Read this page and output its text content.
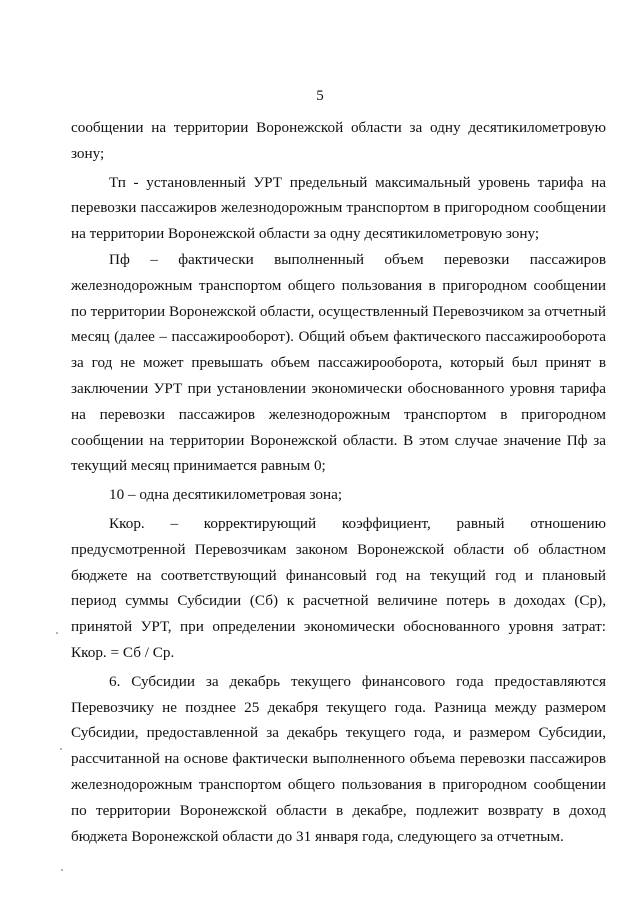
5

сообщении на территории Воронежской области за одну десятикилометровую зону;

Тп - установленный УРТ предельный максимальный уровень тарифа на перевозки пассажиров железнодорожным транспортом в пригородном сообщении на территории Воронежской области за одну десятикилометровую зону;

Пф – фактически выполненный объем перевозки пассажиров железнодорожным транспортом общего пользования в пригородном сообщении по территории Воронежской области, осуществленный Перевозчиком за отчетный месяц (далее – пассажирооборот). Общий объем фактического пассажирооборота за год не может превышать объем пассажирооборота, который был принят в заключении УРТ при установлении экономически обоснованного уровня тарифа на перевозки пассажиров железнодорожным транспортом в пригородном сообщении на территории Воронежской области. В этом случае значение Пф за текущий месяц принимается равным 0;

10 – одна десятикилометровая зона;

Ккор. – корректирующий коэффициент, равный отношению предусмотренной Перевозчикам законом Воронежской области об областном бюджете на соответствующий финансовый год на текущий год и плановый период суммы Субсидии (Сб) к расчетной величине потерь в доходах (Ср), принятой УРТ, при определении экономически обоснованного уровня затрат: Ккор. = Сб / Ср.

6. Субсидии за декабрь текущего финансового года предоставляются Перевозчику не позднее 25 декабря текущего года. Разница между размером Субсидии, предоставленной за декабрь текущего года, и размером Субсидии, рассчитанной на основе фактически выполненного объема перевозки пассажиров железнодорожным транспортом общего пользования в пригородном сообщении по территории Воронежской области в декабре, подлежит возврату в доход бюджета Воронежской области до 31 января года, следующего за отчетным.
